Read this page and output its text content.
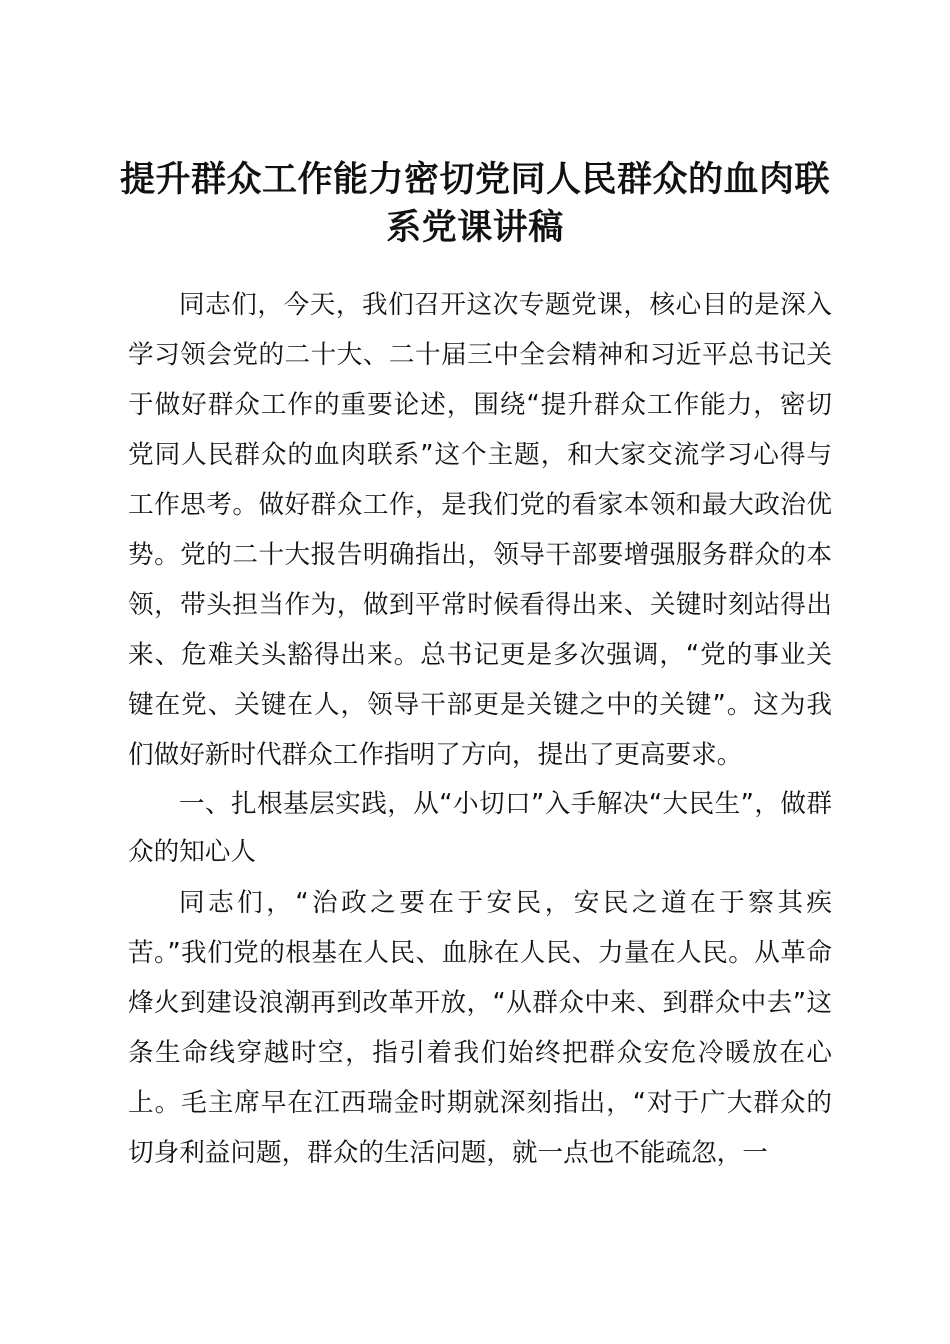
提升群众工作能力密切党同人民群众的血肉联系党课讲稿

同志们，今天，我们召开这次专题党课，核心目的是深入学习领会党的二十大、二十届三中全会精神和习近平总书记关于做好群众工作的重要论述，围绕“提升群众工作能力，密切党同人民群众的血肉联系”这个主题，和大家交流学习心得与工作思考。做好群众工作，是我们党的看家本领和最大政治优势。党的二十大报告明确指出，领导干部要增强服务群众的本领，带头担当作为，做到平常时候看得出来、关键时刻站得出来、危难关头豁得出来。总书记更是多次强调，“党的事业关键在党、关键在人，领导干部更是关键之中的关键”。这为我们做好新时代群众工作指明了方向，提出了更高要求。

一、扎根基层实践，从“小切口”入手解决“大民生”，做群众的知心人

同志们，“治政之要在于安民，安民之道在于察其疾苦。”我们党的根基在人民、血脉在人民、力量在人民。从革命烽火到建设浪潮再到改革开放，“从群众中来、到群众中去”这条生命线穿越时空，指引着我们始终把群众安危冷暖放在心上。毛主席早在江西瑞金时期就深刻指出，“对于广大群众的切身利益问题，群众的生活问题，就一点也不能疏忽，一
